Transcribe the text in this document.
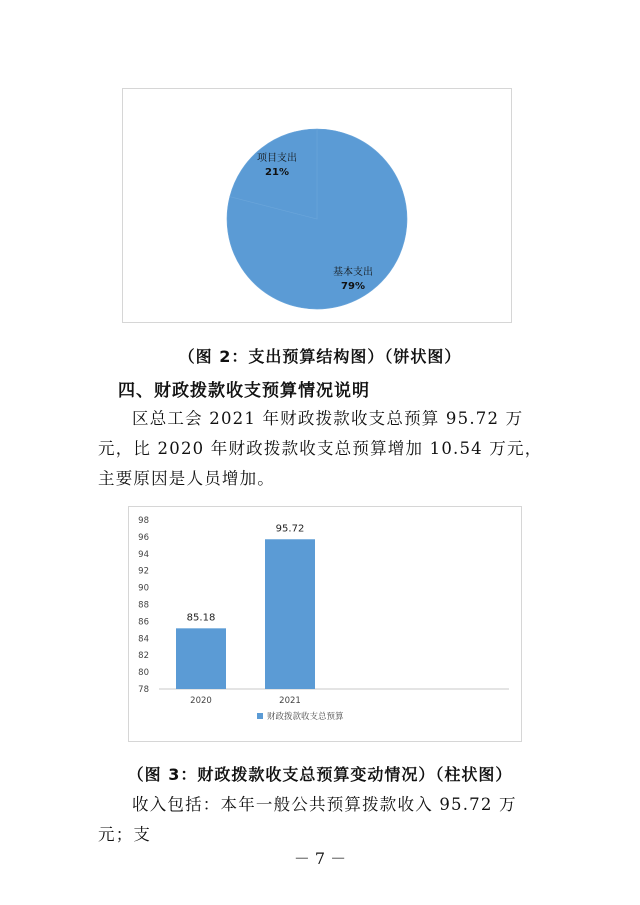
基本支出
79%
项目支出
21%
（图 2：支出预算结构图）（饼状图）
四、财政拨款收支预算情况说明
区总工会 2021 年财政拨款收支总预算 95.72 万元，比 2020 年财政拨款收支总预算增加 10.54 万元，主要原因是人员增加。
78
80
82
84
86
88
90
92
94
96
98
2020	2021
85.18
95.72
财政拨款收支总预算
（图 3：财政拨款收支总预算变动情况）（柱状图）
收入包括：本年一般公共预算拨款收入 95.72 万元；支
－ 7 －
